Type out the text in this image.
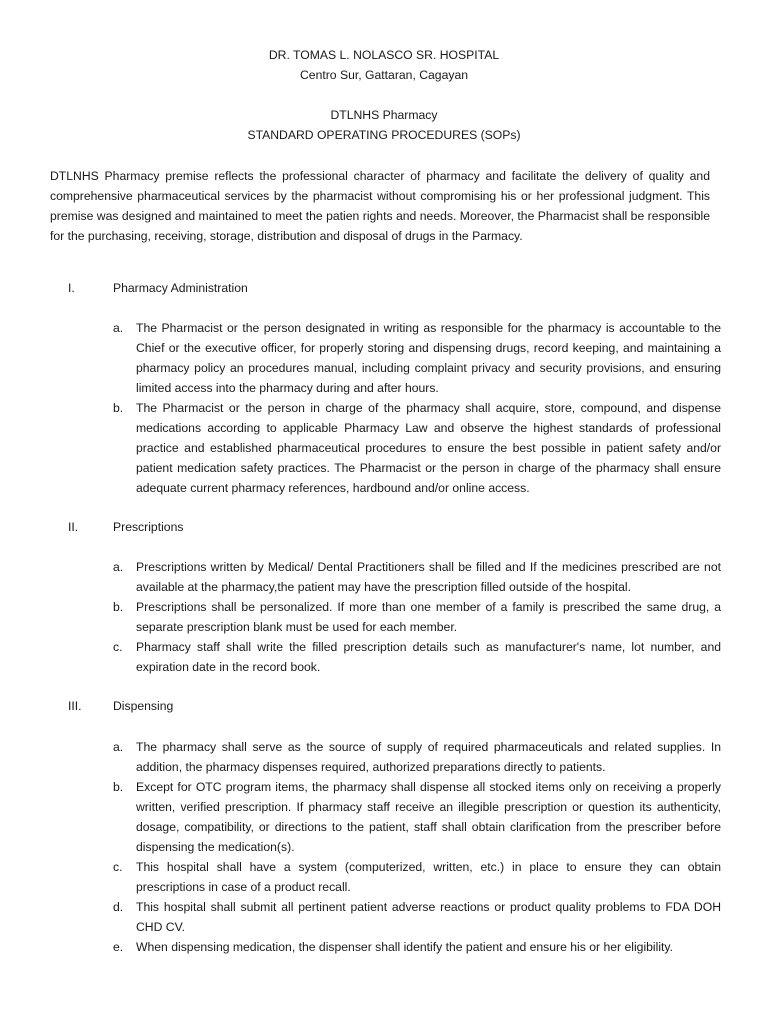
DR. TOMAS L. NOLASCO SR. HOSPITAL

Centro Sur, Gattaran, Cagayan

DTLNHS Pharmacy

STANDARD OPERATING PROCEDURES (SOPs)

DTLNHS Pharmacy premise reflects the professional character of pharmacy and facilitate the delivery of quality and comprehensive pharmaceutical services by the pharmacist without compromising his or her professional judgment. This premise was designed and maintained to meet the patien rights and needs. Moreover, the Pharmacist shall be responsible for the purchasing, receiving, storage, distribution and disposal of drugs in the Parmacy.

I.	Pharmacy Administration
a. The Pharmacist or the person designated in writing as responsible for the pharmacy is accountable to the Chief or the executive officer, for properly storing and dispensing drugs, record keeping, and maintaining a pharmacy policy an procedures manual, including complaint privacy and security provisions, and ensuring limited access into the pharmacy during and after hours.
b. The Pharmacist or the person in charge of the pharmacy shall acquire, store, compound, and dispense medications according to applicable Pharmacy Law and observe the highest standards of professional practice and established pharmaceutical procedures to ensure the best possible in patient safety and/or patient medication safety practices. The Pharmacist or the person in charge of the pharmacy shall ensure adequate current pharmacy references, hardbound and/or online access.
II.	Prescriptions
a. Prescriptions written by Medical/ Dental Practitioners shall be filled and If the medicines prescribed are not available at the pharmacy,the patient may have the prescription filled outside of the hospital.
b. Prescriptions shall be personalized. If more than one member of a family is prescribed the same drug, a separate prescription blank must be used for each member.
c. Pharmacy staff shall write the filled prescription details such as manufacturer's name, lot number, and expiration date in the record book.
III.	Dispensing
a. The pharmacy shall serve as the source of supply of required pharmaceuticals and related supplies. In addition, the pharmacy dispenses required, authorized preparations directly to patients.
b. Except for OTC program items, the pharmacy shall dispense all stocked items only on receiving a properly written, verified prescription. If pharmacy staff receive an illegible prescription or question its authenticity, dosage, compatibility, or directions to the patient, staff shall obtain clarification from the prescriber before dispensing the medication(s).
c. This hospital shall have a system (computerized, written, etc.) in place to ensure they can obtain prescriptions in case of a product recall.
d. This hospital shall submit all pertinent patient adverse reactions or product quality problems to FDA DOH CHD CV.
e. When dispensing medication, the dispenser shall identify the patient and ensure his or her eligibility.
